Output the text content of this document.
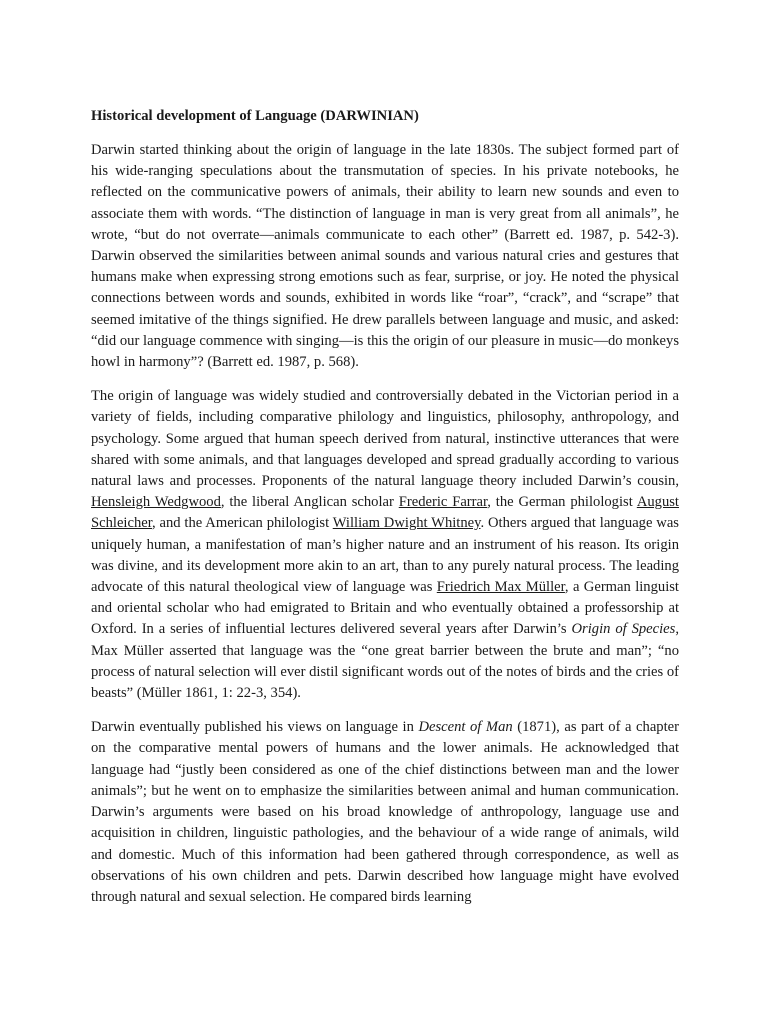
Historical development of Language (DARWINIAN)

Darwin started thinking about the origin of language in the late 1830s. The subject formed part of his wide-ranging speculations about the transmutation of species. In his private notebooks, he reflected on the communicative powers of animals, their ability to learn new sounds and even to associate them with words. “The distinction of language in man is very great from all animals”, he wrote, “but do not overrate—animals communicate to each other” (Barrett ed. 1987, p. 542-3). Darwin observed the similarities between animal sounds and various natural cries and gestures that humans make when expressing strong emotions such as fear, surprise, or joy. He noted the physical connections between words and sounds, exhibited in words like “roar”, “crack”, and “scrape” that seemed imitative of the things signified. He drew parallels between language and music, and asked: “did our language commence with singing—is this the origin of our pleasure in music—do monkeys howl in harmony”? (Barrett ed. 1987, p. 568).

The origin of language was widely studied and controversially debated in the Victorian period in a variety of fields, including comparative philology and linguistics, philosophy, anthropology, and psychology. Some argued that human speech derived from natural, instinctive utterances that were shared with some animals, and that languages developed and spread gradually according to various natural laws and processes. Proponents of the natural language theory included Darwin’s cousin, Hensleigh Wedgwood, the liberal Anglican scholar Frederic Farrar, the German philologist August Schleicher, and the American philologist William Dwight Whitney. Others argued that language was uniquely human, a manifestation of man’s higher nature and an instrument of his reason. Its origin was divine, and its development more akin to an art, than to any purely natural process. The leading advocate of this natural theological view of language was Friedrich Max Müller, a German linguist and oriental scholar who had emigrated to Britain and who eventually obtained a professorship at Oxford. In a series of influential lectures delivered several years after Darwin’s Origin of Species, Max Müller asserted that language was the “one great barrier between the brute and man”; “no process of natural selection will ever distil significant words out of the notes of birds and the cries of beasts” (Müller 1861, 1: 22-3, 354).

Darwin eventually published his views on language in Descent of Man (1871), as part of a chapter on the comparative mental powers of humans and the lower animals. He acknowledged that language had “justly been considered as one of the chief distinctions between man and the lower animals”; but he went on to emphasize the similarities between animal and human communication. Darwin’s arguments were based on his broad knowledge of anthropology, language use and acquisition in children, linguistic pathologies, and the behaviour of a wide range of animals, wild and domestic. Much of this information had been gathered through correspondence, as well as observations of his own children and pets. Darwin described how language might have evolved through natural and sexual selection. He compared birds learning
